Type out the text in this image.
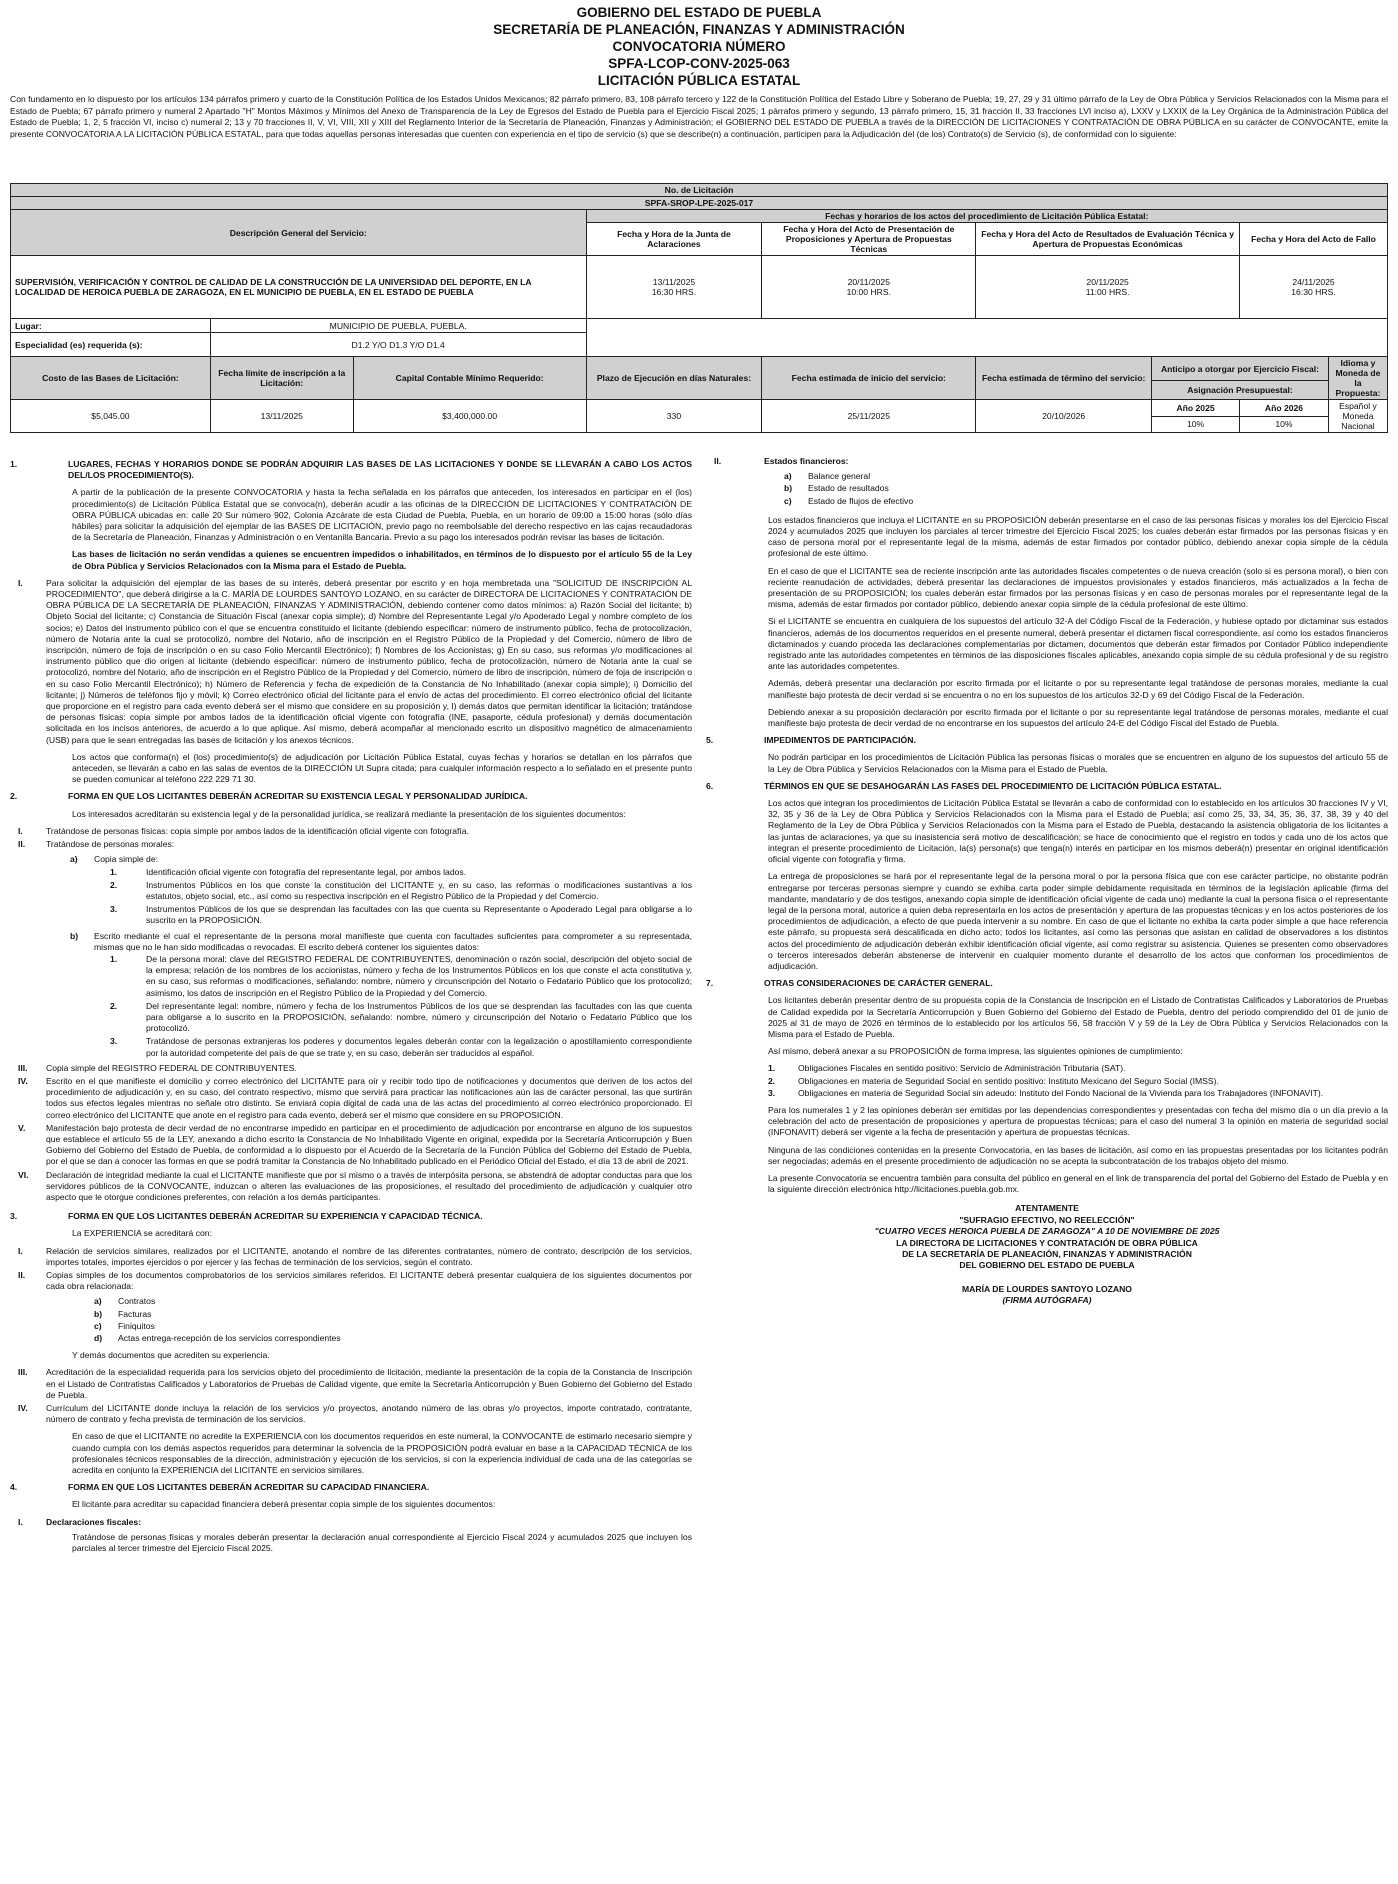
GOBIERNO DEL ESTADO DE PUEBLA
SECRETARÍA DE PLANEACIÓN, FINANZAS Y ADMINISTRACIÓN
CONVOCATORIA NÚMERO
SPFA-LCOP-CONV-2025-063
LICITACIÓN PÚBLICA ESTATAL
Con fundamento en lo dispuesto por los artículos 134 párrafos primero y cuarto de la Constitución Política de los Estados Unidos Mexicanos; 82 párrafo primero, 83, 108 párrafo tercero y 122 de la Constitución Política del Estado Libre y Soberano de Puebla; 19, 27, 29 y 31 último párrafo de la Ley de Obra Pública y Servicios Relacionados con la Misma para el Estado de Puebla; 67 párrafo primero y numeral 2 Apartado "H" Montos Máximos y Mínimos del Anexo de Transparencia de la Ley de Egresos del Estado de Puebla para el Ejercicio Fiscal 2025; 1 párrafos primero y segundo, 13 párrafo primero, 15, 31 fracción II, 33 fracciones LVI inciso a), LXXV y LXXIX de la Ley Orgánica de la Administración Pública del Estado de Puebla; 1, 2, 5 fracción VI, inciso c) numeral 2; 13 y 70 fracciones II, V, VI, VIII, XII y XIII del Reglamento Interior de la Secretaría de Planeación, Finanzas y Administración; el GOBIERNO DEL ESTADO DE PUEBLA a través de la DIRECCIÓN DE LICITACIONES Y CONTRATACIÓN DE OBRA PÚBLICA en su carácter de CONVOCANTE, emite la presente CONVOCATORIA A LA LICITACIÓN PÚBLICA ESTATAL, para que todas aquellas personas interesadas que cuenten con experiencia en el tipo de servicio (s) que se describe(n) a continuación, participen para la Adjudicación del (de los) Contrato(s) de Servicio (s), de conformidad con lo siguiente:
No. de Licitación								
SPFA-SROP-LPE-2025-017								
Descripción General del Servicio:			Fechas y horarios de los actos del procedimiento de Licitación Pública Estatal:					
			Fecha y Hora de la Junta de Aclaraciones	Fecha y Hora del Acto de Presentación de Proposiciones y Apertura de Propuestas Técnicas	Fecha y Hora del Acto de Resultados de Evaluación Técnica y Apertura de Propuestas Económicas		Fecha y Hora del Acto de Fallo	
SUPERVISIÓN, VERIFICACIÓN Y CONTROL DE CALIDAD DE LA CONSTRUCCIÓN DE LA UNIVERSIDAD DEL DEPORTE, EN LA LOCALIDAD DE HEROICA PUEBLA DE ZARAGOZA, EN EL MUNICIPIO DE PUEBLA, EN EL ESTADO DE PUEBLA			13/11/2025
16:30 HRS.	20/11/2025
10:00 HRS.	20/11/2025
11:00 HRS.		24/11/2025
16:30 HRS.	

Lugar:	MUNICIPIO DE PUEBLA, PUEBLA.							
Especialidad (es) requerida (s):	D1.2 Y/O D1.3 Y/O D1.4							
Costo de las Bases de Licitación:	Fecha límite de inscripción a la Licitación:	Capital Contable Mínimo Requerido:	Plazo de Ejecución en días Naturales:	Fecha estimada de inicio del servicio:	Fecha estimada de término del servicio:	Anticipo a otorgar por Ejercicio Fiscal:		Idioma y Moneda de la Propuesta:
						Asignación Presupuestal:		
$5,045.00	13/11/2025	$3,400,000.00	330	25/11/2025	20/10/2026	Año 2025	Año 2026	Español y Moneda Nacional
						10%	10%	
1.	LUGARES, FECHAS Y HORARIOS DONDE SE PODRÁN ADQUIRIR LAS BASES DE LAS LICITACIONES Y DONDE SE LLEVARÁN A CABO LOS ACTOS DEL/LOS PROCEDIMIENTO(S).

A partir de la publicación de la presente CONVOCATORIA y hasta la fecha señalada en los párrafos que anteceden, los interesados en participar en el (los) procedimiento(s) de Licitación Pública Estatal que se convoca(n), deberán acudir a las oficinas de la DIRECCIÓN DE LICITACIONES Y CONTRATACIÓN DE OBRA PÚBLICA ubicadas en: calle 20 Sur número 902, Colonia Azcárate de esta Ciudad de Puebla, Puebla, en un horario de 09:00 a 15:00 horas (sólo días hábiles) para solicitar la adquisición del ejemplar de las BASES DE LICITACIÓN, previo pago no reembolsable del derecho respectivo en las cajas recaudadoras de la Secretaría de Planeación, Finanzas y Administración o en Ventanilla Bancaria. Previo a su pago los interesados podrán revisar las bases de licitación.

Las bases de licitación no serán vendidas a quienes se encuentren impedidos o inhabilitados, en términos de lo dispuesto por el artículo 55 de la Ley de Obra Pública y Servicios Relacionados con la Misma para el Estado de Puebla.

I.	Para solicitar la adquisición del ejemplar de las bases de su interés, deberá presentar por escrito y en hoja membretada una "SOLICITUD DE INSCRIPCIÓN AL PROCEDIMIENTO", que deberá dirigirse a la C. MARÍA DE LOURDES SANTOYO LOZANO, en su carácter de DIRECTORA DE LICITACIONES Y CONTRATACIÓN DE OBRA PÚBLICA DE LA SECRETARÍA DE PLANEACIÓN, FINANZAS Y ADMINISTRACIÓN, debiendo contener como datos mínimos: a) Razón Social del licitante; b) Objeto Social del licitante; c) Constancia de Situación Fiscal (anexar copia simple); d) Nombre del Representante Legal y/o Apoderado Legal y nombre completo de los socios; e) Datos del instrumento público con el que se encuentra constituido el licitante (debiendo especificar: número de instrumento público, fecha de protocolización, número de Notaria ante la cual se protocolizó, nombre del Notario, año de inscripción en el Registro Público de la Propiedad y del Comercio, número de libro de inscripción, número de foja de inscripción o en su caso Folio Mercantil Electrónico); f) Nombres de los Accionistas; g) En su caso, sus reformas y/o modificaciones al instrumento público que dio origen al licitante (debiendo especificar: número de instrumento público, fecha de protocolización, número de Notaria ante la cual se protocolizó, nombre del Notario, año de inscripción en el Registro Público de la Propiedad y del Comercio, número de libro de inscripción, número de foja de inscripción o en su caso Folio Mercantil Electrónico); h) Número de Referencia y fecha de expedición de la Constancia de No Inhabilitado (anexar copia simple); i) Domicilio del licitante; j) Números de teléfonos fijo y móvil; k) Correo electrónico oficial del licitante para el envío de actas del procedimiento. El correo electrónico oficial del licitante que proporcione en el registro para cada evento deberá ser el mismo que considere en su proposición y, l) demás datos que permitan identificar la licitación; tratándose de personas físicas: copia simple por ambos lados de la identificación oficial vigente con fotografía (INE, pasaporte, cédula profesional) y demás documentación solicitada en los incisos anteriores, de acuerdo a lo que aplique. Así mismo, deberá acompañar al mencionado escrito un dispositivo magnético de almacenamiento (USB) para que le sean entregadas las bases de licitación y los anexos técnicos.

Los actos que conforma(n) el (los) procedimiento(s) de adjudicación por Licitación Pública Estatal, cuyas fechas y horarios se detallan en los párrafos que anteceden, se llevarán a cabo en las salas de eventos de la DIRECCIÓN Ut Supra citada; para cualquier información respecto a lo señalado en el presente punto se pueden comunicar al teléfono 222 229 71 30.

2.	FORMA EN QUE LOS LICITANTES DEBERÁN ACREDITAR SU EXISTENCIA LEGAL Y PERSONALIDAD JURÍDICA.

Los interesados acreditarán su existencia legal y de la personalidad jurídica, se realizará mediante la presentación de los siguientes documentos:

I.	Tratándose de personas físicas: copia simple por ambos lados de la identificación oficial vigente con fotografía.
II.	Tratándose de personas morales:
a)	Copia simple de:
1.	Identificación oficial vigente con fotografía del representante legal, por ambos lados.
2.	Instrumentos Públicos en los que conste la constitución del LICITANTE y, en su caso, las reformas o modificaciones sustantivas a los estatutos, objeto social, etc., así como su respectiva inscripción en el Registro Público de la Propiedad y del Comercio.
3.	Instrumentos Públicos de los que se desprendan las facultades con las que cuenta su Representante o Apoderado Legal para obligarse a lo suscrito en la PROPOSICIÓN.
b)	Escrito mediante el cual el representante de la persona moral manifieste que cuenta con facultades suficientes para comprometer a su representada, mismas que no le han sido modificadas o revocadas. El escrito deberá contener los siguientes datos:
1.	De la persona moral: clave del REGISTRO FEDERAL DE CONTRIBUYENTES, denominación o razón social, descripción del objeto social de la empresa; relación de los nombres de los accionistas, número y fecha de los Instrumentos Públicos en los que conste el acta constitutiva y, en su caso, sus reformas o modificaciones, señalando: nombre, número y circunscripción del Notario o Fedatario Público que los protocolizó; asimismo, los datos de inscripción en el Registro Público de la Propiedad y del Comercio.
2.	Del representante legal: nombre, número y fecha de los Instrumentos Públicos de los que se desprendan las facultades con las que cuenta para obligarse a lo suscrito en la PROPOSICIÓN, señalando: nombre, número y circunscripción del Notario o Fedatario Público que los protocolizó.
3.	Tratándose de personas extranjeras los poderes y documentos legales deberán contar con la legalización o apostillamiento correspondiente por la autoridad competente del país de que se trate y, en su caso, deberán ser traducidos al español.
III.	Copia simple del REGISTRO FEDERAL DE CONTRIBUYENTES.
IV.	Escrito en el que manifieste el domicilio y correo electrónico del LICITANTE para oír y recibir todo tipo de notificaciones y documentos que deriven de los actos del procedimiento de adjudicación y, en su caso, del contrato respectivo, mismo que servirá para practicar las notificaciones aún las de carácter personal, las que surtirán todos sus efectos legales mientras no señale otro distinto. Se enviará copia digital de cada una de las actas del procedimiento al correo electrónico proporcionado. El correo electrónico del LICITANTE que anote en el registro para cada evento, deberá ser el mismo que considere en su PROPOSICIÓN.
V.	Manifestación bajo protesta de decir verdad de no encontrarse impedido en participar en el procedimiento de adjudicación por encontrarse en alguno de los supuestos que establece el artículo 55 de la LEY, anexando a dicho escrito la Constancia de No Inhabilitado Vigente en original, expedida por la Secretaría Anticorrupción y Buen Gobierno del Gobierno del Estado de Puebla, de conformidad a lo dispuesto por el Acuerdo de la Secretaría de la Función Pública del Gobierno del Estado de Puebla, por el que se dan a conocer las formas en que se podrá tramitar la Constancia de No Inhabilitado publicado en el Periódico Oficial del Estado, el día 13 de abril de 2021.
VI.	Declaración de integridad mediante la cual el LICITANTE manifieste que por sí mismo o a través de interpósita persona, se abstendrá de adoptar conductas para que los servidores públicos de la CONVOCANTE, induzcan o alteren las evaluaciones de las proposiciones, el resultado del procedimiento de adjudicación y cualquier otro aspecto que le otorgue condiciones preferentes, con relación a los demás participantes.
3.	FORMA EN QUE LOS LICITANTES DEBERÁN ACREDITAR SU EXPERIENCIA Y CAPACIDAD TÉCNICA.

La EXPERIENCIA se acreditará con:

I.	Relación de servicios similares, realizados por el LICITANTE, anotando el nombre de las diferentes contratantes, número de contrato, descripción de los servicios, importes totales, importes ejercidos o por ejercer y las fechas de terminación de los servicios, según el contrato.
II.	Copias simples de los documentos comprobatorios de los servicios similares referidos. El LICITANTE deberá presentar cualquiera de los siguientes documentos por cada obra relacionada:
a)	Contratos
b)	Facturas
c)	Finiquitos
d)	Actas entrega-recepción de los servicios correspondientes

Y demás documentos que acrediten su experiencia.

III.	Acreditación de la especialidad requerida para los servicios objeto del procedimiento de licitación, mediante la presentación de la copia de la Constancia de Inscripción en el Listado de Contratistas Calificados y Laboratorios de Pruebas de Calidad vigente, que emite la Secretaría Anticorrupción y Buen Gobierno del Gobierno del Estado de Puebla.
IV.	Currículum del LICITANTE donde incluya la relación de los servicios y/o proyectos, anotando número de las obras y/o proyectos, importe contratado, contratante, número de contrato y fecha prevista de terminación de los servicios.

En caso de que el LICITANTE no acredite la EXPERIENCIA con los documentos requeridos en este numeral, la CONVOCANTE de estimarlo necesario siempre y cuando cumpla con los demás aspectos requeridos para determinar la solvencia de la PROPOSICIÓN podrá evaluar en base a la CAPACIDAD TÉCNICA de los profesionales técnicos responsables de la dirección, administración y ejecución de los servicios, si con la experiencia individual de cada una de las categorías se acredita en conjunto la EXPERIENCIA del LICITANTE en servicios similares.

4.	FORMA EN QUE LOS LICITANTES DEBERÁN ACREDITAR SU CAPACIDAD FINANCIERA.

El licitante para acreditar su capacidad financiera deberá presentar copia simple de los siguientes documentos:

I.	Declaraciones fiscales:

Tratándose de personas físicas y morales deberán presentar la declaración anual correspondiente al Ejercicio Fiscal 2024 y acumulados 2025 que incluyen los parciales al tercer trimestre del Ejercicio Fiscal 2025.

II.	Estados financieros:
a)	Balance general
b)	Estado de resultados
c)	Estado de flujos de efectivo

Los estados financieros que incluya el LICITANTE en su PROPOSICIÓN deberán presentarse en el caso de las personas físicas y morales los del Ejercicio Fiscal 2024 y acumulados 2025 que incluyen los parciales al tercer trimestre del Ejercicio Fiscal 2025; los cuales deberán estar firmados por las personas físicas y en caso de persona moral por el representante legal de la misma, además de estar firmados por contador público, debiendo anexar copia simple de la cédula profesional de este último.

En el caso de que el LICITANTE sea de reciente inscripción ante las autoridades fiscales competentes o de nueva creación (solo si es persona moral), o bien con reciente reanudación de actividades, deberá presentar las declaraciones de impuestos provisionales y estados financieros, más actualizados a la fecha de presentación de su PROPOSICIÓN; los cuales deberán estar firmados por las personas físicas y en caso de personas morales por el representante legal de la misma, además de estar firmados por contador público, debiendo anexar copia simple de la cédula profesional de este último.

Si el LICITANTE se encuentra en cualquiera de los supuestos del artículo 32-A del Código Fiscal de la Federación, y hubiese optado por dictaminar sus estados financieros, además de los documentos requeridos en el presente numeral, deberá presentar el dictamen fiscal correspondiente, así como los estados financieros dictaminados y cuando proceda las declaraciones complementarias por dictamen, documentos que deberán estar firmados por Contador Público independiente registrado ante las autoridades competentes en términos de las disposiciones fiscales aplicables, anexando copia simple de su cédula profesional y de su registro ante las autoridades competentes.

Además, deberá presentar una declaración por escrito firmada por el licitante o por su representante legal tratándose de personas morales, mediante la cual manifieste bajo protesta de decir verdad si se encuentra o no en los supuestos de los artículos 32-D y 69 del Código Fiscal de la Federación.

Debiendo anexar a su proposición declaración por escrito firmada por el licitante o por su representante legal tratándose de personas morales, mediante el cual manifieste bajo protesta de decir verdad de no encontrarse en los supuestos del artículo 24-E del Código Fiscal del Estado de Puebla.

5.	IMPEDIMENTOS DE PARTICIPACIÓN.

No podrán participar en los procedimientos de Licitación Pública las personas físicas o morales que se encuentren en alguno de los supuestos del artículo 55 de la Ley de Obra Pública y Servicios Relacionados con la Misma para el Estado de Puebla.

6.	TÉRMINOS EN QUE SE DESAHOGARÁN LAS FASES DEL PROCEDIMIENTO DE LICITACIÓN PÚBLICA ESTATAL.

Los actos que integran los procedimientos de Licitación Pública Estatal se llevarán a cabo de conformidad con lo establecido en los artículos 30 fracciones IV y VI, 32, 35 y 36 de la Ley de Obra Pública y Servicios Relacionados con la Misma para el Estado de Puebla; así como 25, 33, 34, 35, 36, 37, 38, 39 y 40 del Reglamento de la Ley de Obra Pública y Servicios Relacionados con la Misma para el Estado de Puebla, destacando la asistencia obligatoria de los licitantes a las juntas de aclaraciones, ya que su inasistencia será motivo de descalificación; se hace de conocimiento que el registro en todos y cada uno de los actos que integran el presente procedimiento de Licitación, la(s) persona(s) que tenga(n) interés en participar en los mismos deberá(n) presentar en original identificación oficial vigente con fotografía y firma.

La entrega de proposiciones se hará por el representante legal de la persona moral o por la persona física que con ese carácter participe, no obstante podrán entregarse por terceras personas siempre y cuando se exhiba carta poder simple debidamente requisitada en términos de la legislación aplicable (firma del mandante, mandatario y de dos testigos, anexando copia simple de identificación oficial vigente de cada uno) mediante la cual la persona física o el representante legal de la persona moral, autorice a quien deba representarla en los actos de presentación y apertura de las propuestas técnicas y en los actos posteriores de los procedimientos de adjudicación, a efecto de que pueda intervenir a su nombre. En caso de que el licitante no exhiba la carta poder simple a que hace referencia este párrafo, su propuesta será descalificada en dicho acto; todos los licitantes, así como las personas que asistan en calidad de observadores a los distintos actos del procedimiento de adjudicación deberán exhibir identificación oficial vigente, así como registrar su asistencia. Quienes se presenten como observadores o terceros interesados deberán abstenerse de intervenir en cualquier momento durante el desarrollo de los actos que conforman los procedimientos de adjudicación.

7.	OTRAS CONSIDERACIONES DE CARÁCTER GENERAL.

Los licitantes deberán presentar dentro de su propuesta copia de la Constancia de Inscripción en el Listado de Contratistas Calificados y Laboratorios de Pruebas de Calidad expedida por la Secretaría Anticorrupción y Buen Gobierno del Gobierno del Estado de Puebla, dentro del periodo comprendido del 01 de junio de 2025 al 31 de mayo de 2026 en términos de lo establecido por los artículos 56, 58 fracción V y 59 de la Ley de Obra Pública y Servicios Relacionados con la Misma para el Estado de Puebla.

Así mismo, deberá anexar a su PROPOSICIÓN de forma impresa, las siguientes opiniones de cumplimiento:

1.	Obligaciones Fiscales en sentido positivo: Servicio de Administración Tributaria (SAT).
2.	Obligaciones en materia de Seguridad Social en sentido positivo: Instituto Mexicano del Seguro Social (IMSS).
3.	Obligaciones en materia de Seguridad Social sin adeudo: Instituto del Fondo Nacional de la Vivienda para los Trabajadores (INFONAVIT).

Para los numerales 1 y 2 las opiniones deberán ser emitidas por las dependencias correspondientes y presentadas con fecha del mismo día o un día previo a la celebración del acto de presentación de proposiciones y apertura de propuestas técnicas; para el caso del numeral 3 la opinión en materia de seguridad social (INFONAVIT) deberá ser vigente a la fecha de presentación y apertura de propuestas técnicas.

Ninguna de las condiciones contenidas en la presente Convocatoria, en las bases de licitación, así como en las propuestas presentadas por los licitantes podrán ser negociadas; además en el presente procedimiento de adjudicación no se acepta la subcontratación de los trabajos objeto del mismo.

La presente Convocatoria se encuentra también para consulta del público en general en el link de transparencia del portal del Gobierno del Estado de Puebla y en la siguiente dirección electrónica http://licitaciones.puebla.gob.mx.

ATENTAMENTE
"SUFRAGIO EFECTIVO, NO REELECCIÓN"
"CUATRO VECES HEROICA PUEBLA DE ZARAGOZA" A 10 DE NOVIEMBRE DE 2025
LA DIRECTORA DE LICITACIONES Y CONTRATACIÓN DE OBRA PÚBLICA
DE LA SECRETARÍA DE PLANEACIÓN, FINANZAS Y ADMINISTRACIÓN
DEL GOBIERNO DEL ESTADO DE PUEBLA
MARÍA DE LOURDES SANTOYO LOZANO
(FIRMA AUTÓGRAFA)
